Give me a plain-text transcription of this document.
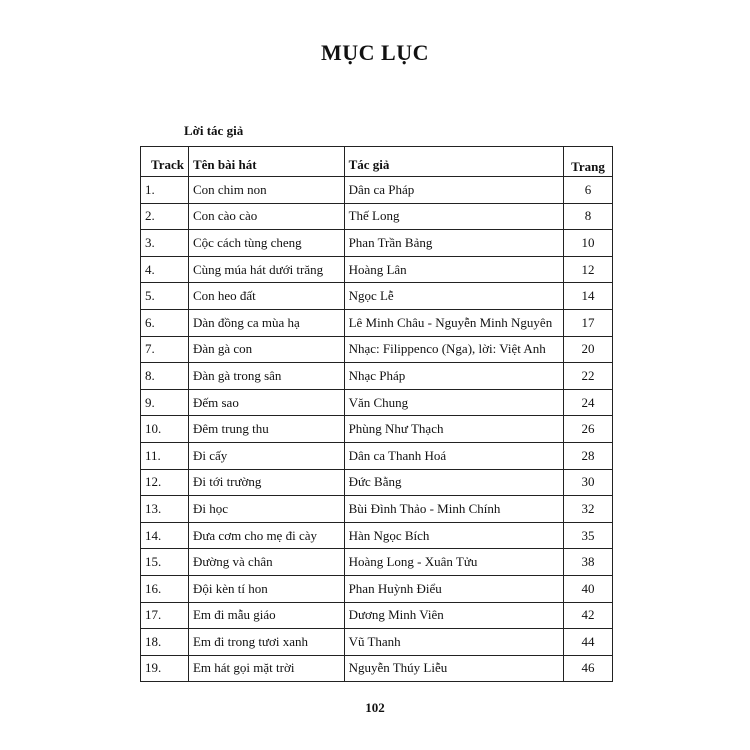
MỤC LỤC
Lời tác giả
Track	Tên bài hát	Tác giả	Trang
1.	Con chim non	Dân ca Pháp	6
2.	Con cào cào	Thế Long	8
3.	Cộc cách tùng cheng	Phan Trần Bảng	10
4.	Cùng múa hát dưới trăng	Hoàng Lân	12
5.	Con heo đất	Ngọc Lễ	14
6.	Dàn đồng ca mùa hạ	Lê Minh Châu - Nguyễn Minh Nguyên	17
7.	Đàn gà con	Nhạc: Filippenco (Nga), lời: Việt Anh	20
8.	Đàn gà trong sân	Nhạc Pháp	22
9.	Đếm sao	Văn Chung	24
10.	Đêm trung thu	Phùng Như Thạch	26
11.	Đi cấy	Dân ca Thanh Hoá	28
12.	Đi tới trường	Đức Bằng	30
13.	Đi học	Bùi Đình Thảo - Minh Chính	32
14.	Đưa cơm cho mẹ đi cày	Hàn Ngọc Bích	35
15.	Đường và chân	Hoàng Long - Xuân Tửu	38
16.	Đội kèn tí hon	Phan Huỳnh Điểu	40
17.	Em đi mẫu giáo	Dương Minh Viên	42
18.	Em đi trong tươi xanh	Vũ Thanh	44
19.	Em hát gọi mặt trời	Nguyễn Thúy Liễu	46
102
